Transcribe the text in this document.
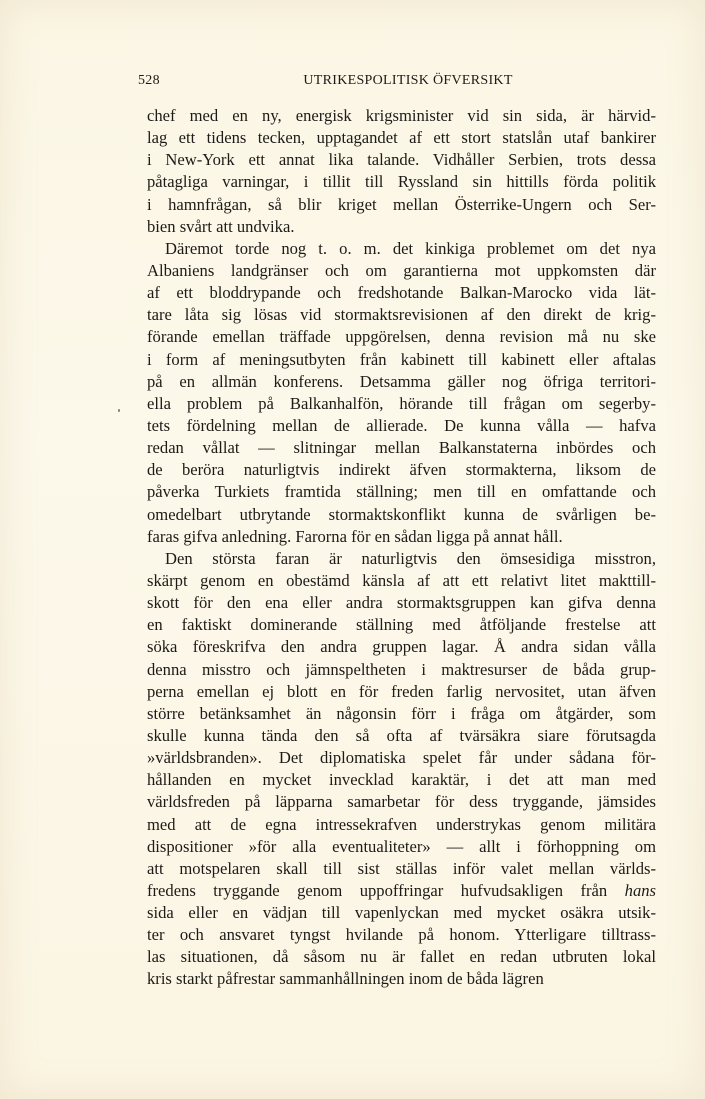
528	UTRIKESPOLITISK ÖFVERSIKT
chef med en ny, energisk krigsminister vid sin sida, är härvid-
lag ett tidens tecken, upptagandet af ett stort statslån utaf bankirer
i New-York ett annat lika talande. Vidhåller Serbien, trots dessa
påtagliga varningar, i tillit till Ryssland sin hittills förda politik
i hamnfrågan, så blir kriget mellan Österrike-Ungern och Ser-
bien svårt att undvika.
Däremot torde nog t. o. m. det kinkiga problemet om det nya
Albaniens landgränser och om garantierna mot uppkomsten där
af ett bloddrypande och fredshotande Balkan-Marocko vida lät-
tare låta sig lösas vid stormaktsrevisionen af den direkt de krig-
förande emellan träffade uppgörelsen, denna revision må nu ske
i form af meningsutbyten från kabinett till kabinett eller aftalas
på en allmän konferens. Detsamma gäller nog öfriga territori-
ella problem på Balkanhalfön, hörande till frågan om segerby-
tets fördelning mellan de allierade. De kunna vålla — hafva
redan vållat — slitningar mellan Balkanstaterna inbördes och
de beröra naturligtvis indirekt äfven stormakterna, liksom de
påverka Turkiets framtida ställning; men till en omfattande och
omedelbart utbrytande stormaktskonflikt kunna de svårligen be-
faras gifva anledning. Farorna för en sådan ligga på annat håll.
Den största faran är naturligtvis den ömsesidiga misstron,
skärpt genom en obestämd känsla af att ett relativt litet makttill-
skott för den ena eller andra stormaktsgruppen kan gifva denna
en faktiskt dominerande ställning med åtföljande frestelse att
söka föreskrifva den andra gruppen lagar. Å andra sidan vålla
denna misstro och jämnspeltheten i maktresurser de båda grup-
perna emellan ej blott en för freden farlig nervositet, utan äfven
större betänksamhet än någonsin förr i fråga om åtgärder, som
skulle kunna tända den så ofta af tvärsäkra siare förutsagda
»världsbranden». Det diplomatiska spelet får under sådana för-
hållanden en mycket invecklad karaktär, i det att man med
världsfreden på läpparna samarbetar för dess tryggande, jämsides
med att de egna intressekrafven understrykas genom militära
dispositioner »för alla eventualiteter» — allt i förhoppning om
att motspelaren skall till sist ställas inför valet mellan världs-
fredens tryggande genom uppoffringar hufvudsakligen från hans
sida eller en vädjan till vapenlyckan med mycket osäkra utsik-
ter och ansvaret tyngst hvilande på honom. Ytterligare tilltrass-
las situationen, då såsom nu är fallet en redan utbruten lokal
kris starkt påfrestar sammanhållningen inom de båda lägren
